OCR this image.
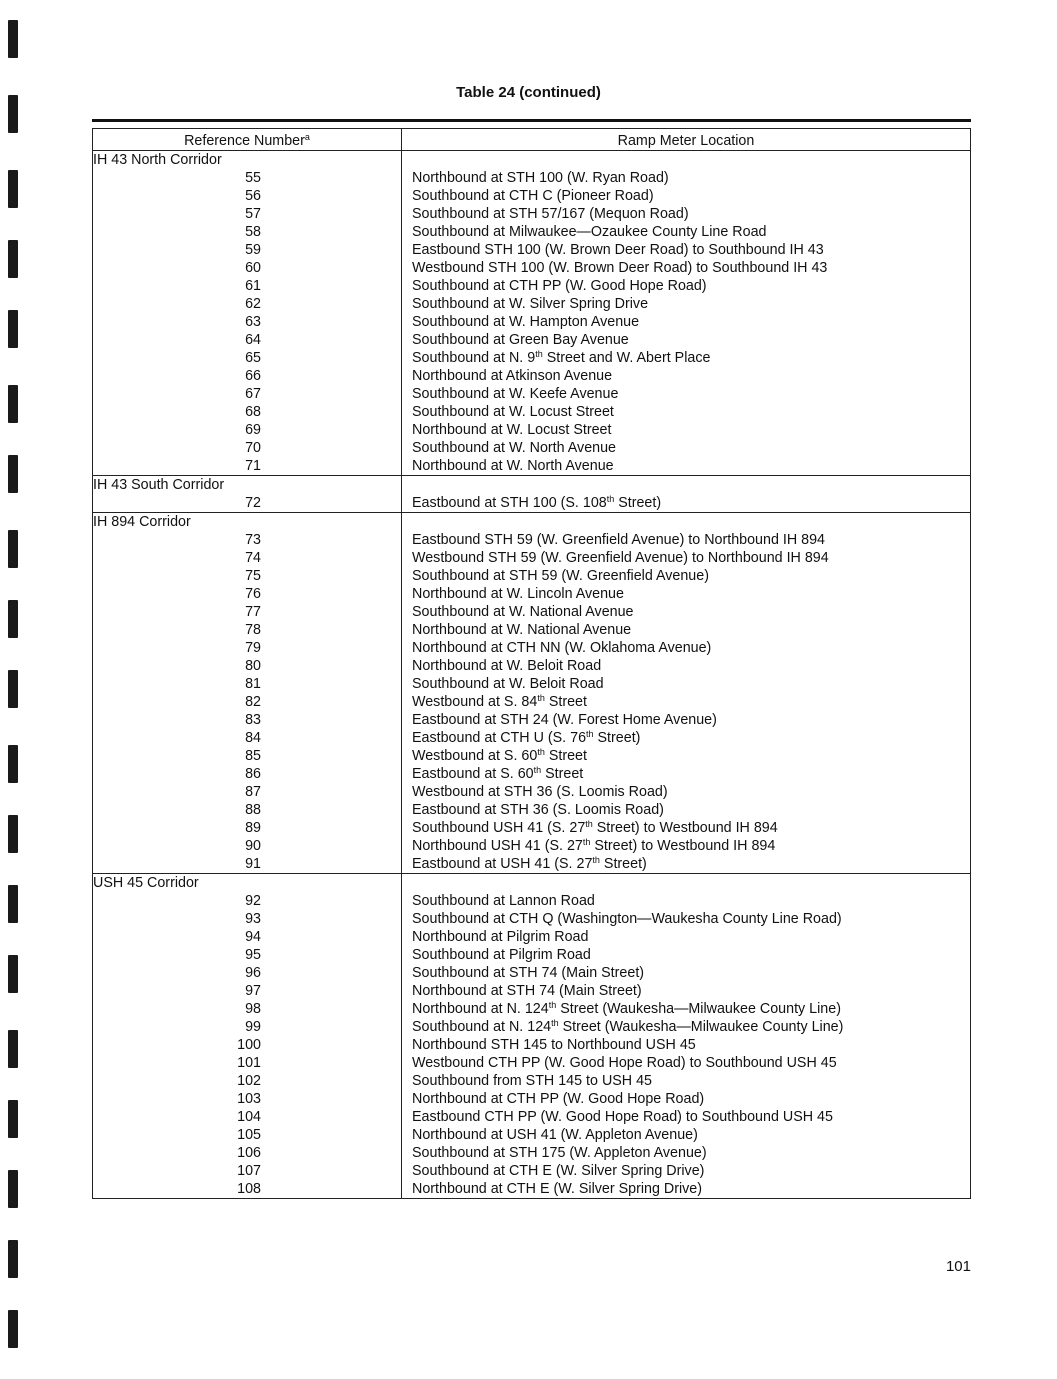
Table 24 (continued)
Reference Number$^a$	Ramp Meter Location
IH 43 North Corridor	
55	Northbound at STH 100 (W. Ryan Road)
56	Southbound at CTH C (Pioneer Road)
57	Southbound at STH 57/167 (Mequon Road)
58	Southbound at Milwaukee—Ozaukee County Line Road
59	Eastbound STH 100 (W. Brown Deer Road) to Southbound IH 43
60	Westbound STH 100 (W. Brown Deer Road) to Southbound IH 43
61	Southbound at CTH PP (W. Good Hope Road)
62	Southbound at W. Silver Spring Drive
63	Southbound at W. Hampton Avenue
64	Southbound at Green Bay Avenue
65	Southbound at N. 9th Street and W. Abert Place
66	Northbound at Atkinson Avenue
67	Southbound at W. Keefe Avenue
68	Southbound at W. Locust Street
69	Northbound at W. Locust Street
70	Southbound at W. North Avenue
71	Northbound at W. North Avenue
IH 43 South Corridor	
72	Eastbound at STH 100 (S. 108th Street)
IH 894 Corridor	
73	Eastbound STH 59 (W. Greenfield Avenue) to Northbound IH 894
74	Westbound STH 59 (W. Greenfield Avenue) to Northbound IH 894
75	Southbound at STH 59 (W. Greenfield Avenue)
76	Northbound at W. Lincoln Avenue
77	Southbound at W. National Avenue
78	Northbound at W. National Avenue
79	Northbound at CTH NN (W. Oklahoma Avenue)
80	Northbound at W. Beloit Road
81	Southbound at W. Beloit Road
82	Westbound at S. 84th Street
83	Eastbound at STH 24 (W. Forest Home Avenue)
84	Eastbound at CTH U (S. 76th Street)
85	Westbound at S. 60th Street
86	Eastbound at S. 60th Street
87	Westbound at STH 36 (S. Loomis Road)
88	Eastbound at STH 36 (S. Loomis Road)
89	Southbound USH 41 (S. 27th Street) to Westbound IH 894
90	Northbound USH 41 (S. 27th Street) to Westbound IH 894
91	Eastbound at USH 41 (S. 27th Street)
USH 45 Corridor	
92	Southbound at Lannon Road
93	Southbound at CTH Q (Washington—Waukesha County Line Road)
94	Northbound at Pilgrim Road
95	Southbound at Pilgrim Road
96	Southbound at STH 74 (Main Street)
97	Northbound at STH 74 (Main Street)
98	Northbound at N. 124th Street (Waukesha—Milwaukee County Line)
99	Southbound at N. 124th Street (Waukesha—Milwaukee County Line)
100	Northbound STH 145 to Northbound USH 45
101	Westbound CTH PP (W. Good Hope Road) to Southbound USH 45
102	Southbound from STH 145 to USH 45
103	Northbound at CTH PP (W. Good Hope Road)
104	Eastbound CTH PP (W. Good Hope Road) to Southbound USH 45
105	Northbound at USH 41 (W. Appleton Avenue)
106	Southbound at STH 175 (W. Appleton Avenue)
107	Southbound at CTH E (W. Silver Spring Drive)
108	Northbound at CTH E (W. Silver Spring Drive)
101
